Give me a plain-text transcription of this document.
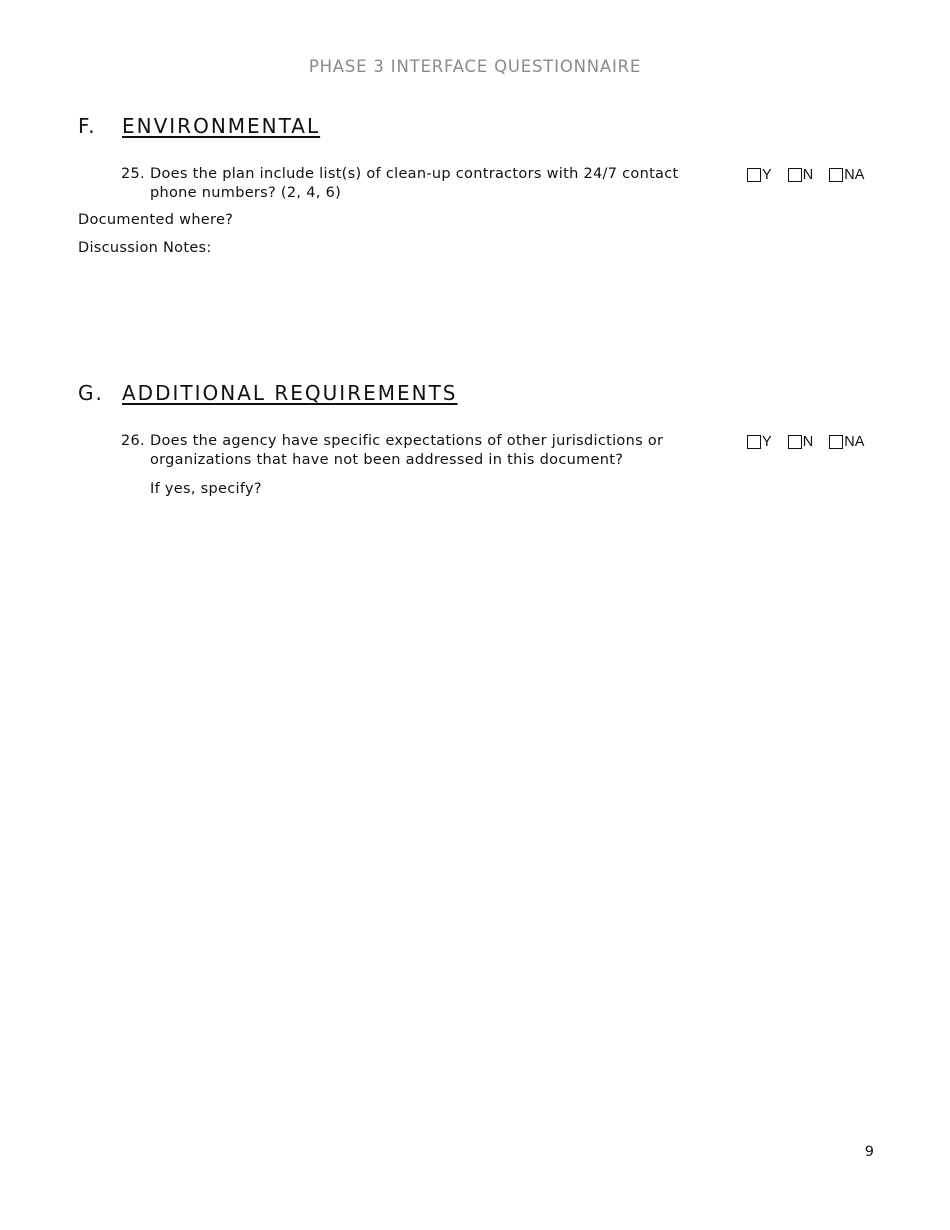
PHASE 3 INTERFACE QUESTIONNAIRE
F. ENVIRONMENTAL
25. Does the plan include list(s) of clean-up contractors with 24/7 contact phone numbers? (2, 4, 6)
Y
N
NA
Documented where?
Discussion Notes:
G. ADDITIONAL REQUIREMENTS
26. Does the agency have specific expectations of other jurisdictions or organizations that have not been addressed in this document?
Y
N
NA
If yes, specify?
9
